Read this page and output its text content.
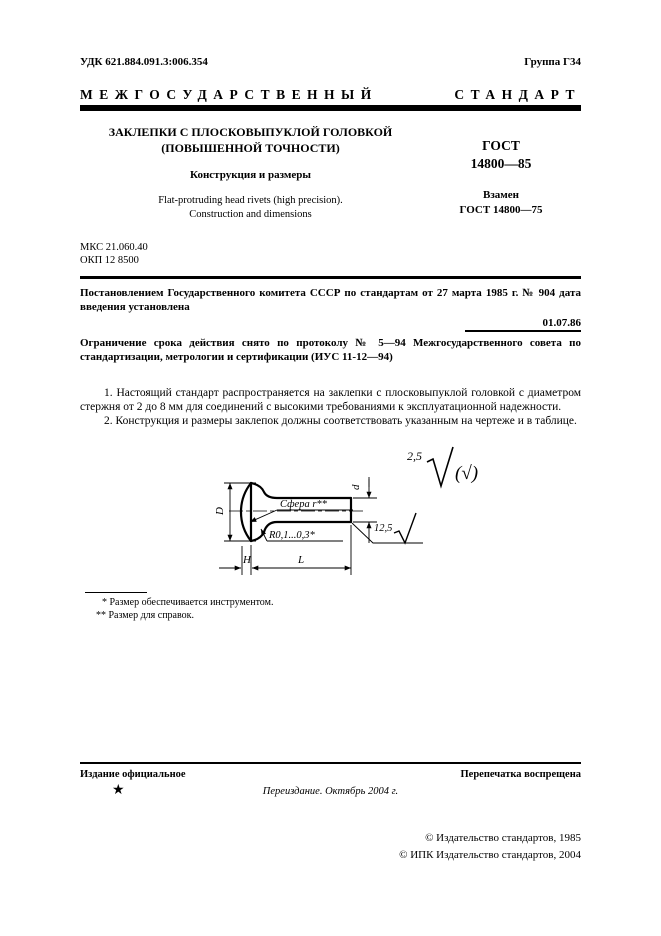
УДК 621.884.091.3:006.354	Группа Г34
МЕЖГОСУДАРСТВЕННЫЙ	СТАНДАРТ
ЗАКЛЕПКИ С ПЛОСКОВЫПУКЛОЙ ГОЛОВКОЙ
(ПОВЫШЕННОЙ ТОЧНОСТИ)
Конструкция и размеры
Flat-protruding head rivets (high precision).
Construction and dimensions
ГОСТ
14800—85
Взамен
ГОСТ 14800—75
МКС 21.060.40
ОКП 12 8500
Постановлением Государственного комитета СССР по стандартам от 27 марта 1985 г. № 904 дата введения установлена
01.07.86
Ограничение срока действия снято по протоколу № 5—94 Межгосударственного совета по стандартизации, метрологии и сертификации (ИУС 11-12—94)

1. Настоящий стандарт распространяется на заклепки с плосковыпуклой головкой с диаметром стержня от 2 до 8 мм для соединений с высокими требованиями к эксплуатационной надежности.

2. Конструкция и размеры заклепок должны соответствовать указанным на чертеже и в таблице.

2,5
(√)
12,5
Сфера r**
R0,1...0,3*
D
d
H	L
* Размер обеспечивается инструментом.
** Размер для справок.
Издание официальное	Перепечатка воспрещена
★	Переиздание. Октябрь 2004 г.
© Издательство стандартов, 1985
© ИПК Издательство стандартов, 2004
